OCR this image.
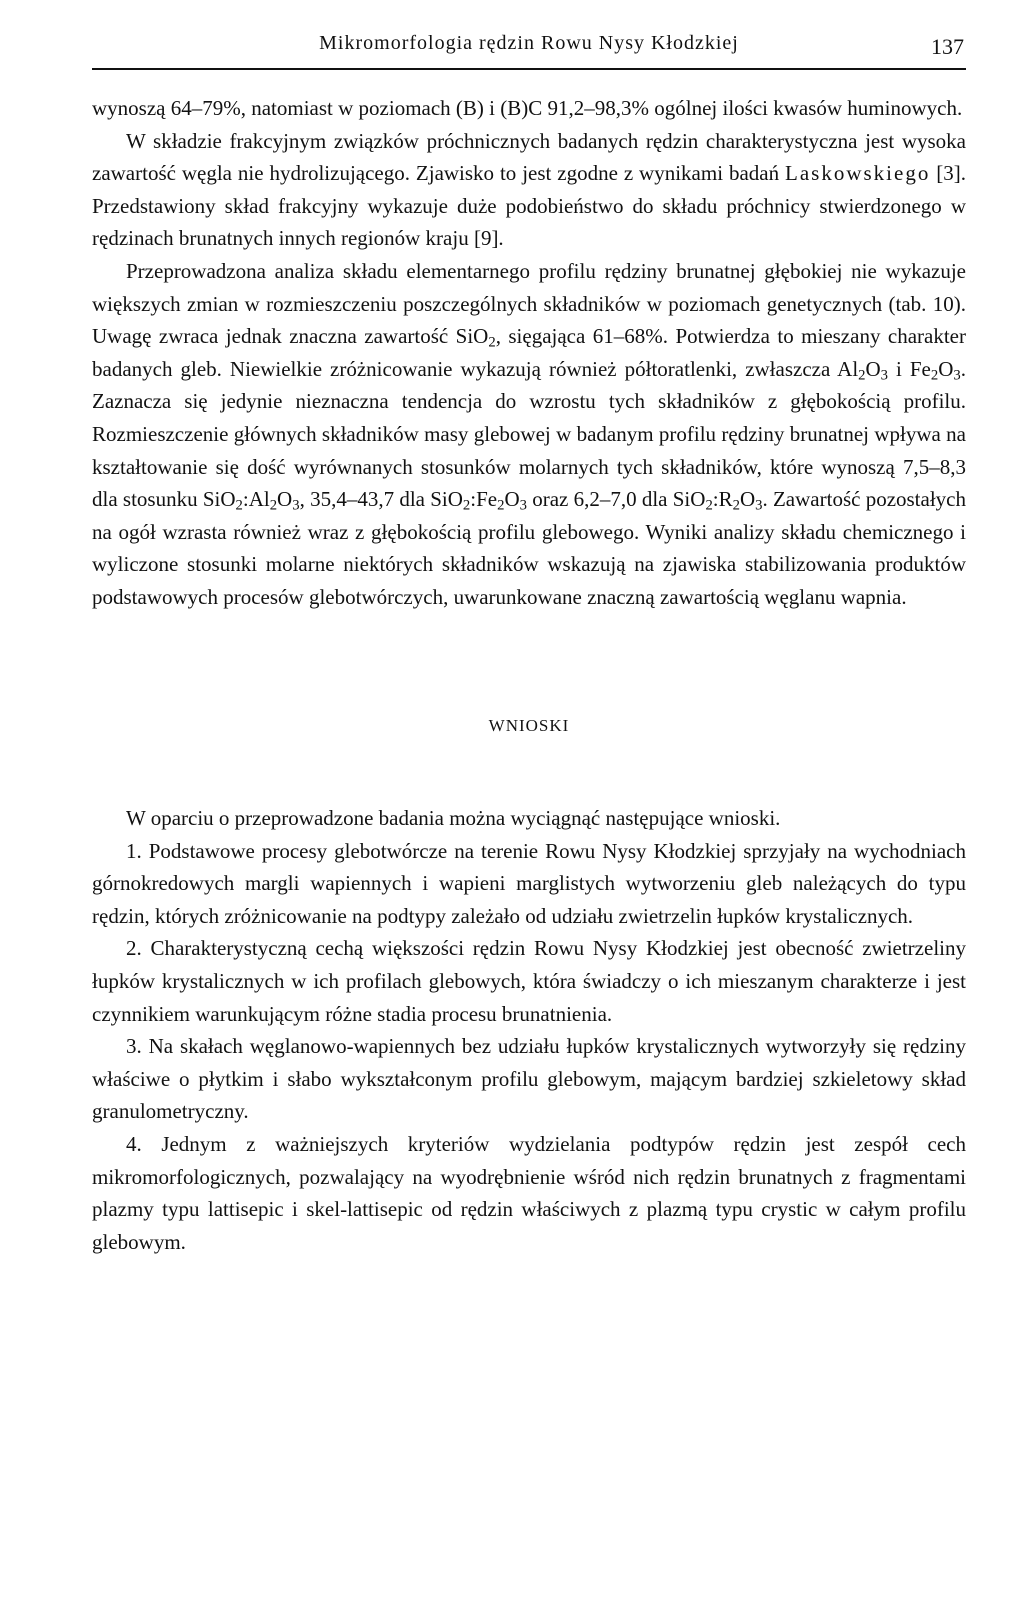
Mikromorfologia rędzin Rowu Nysy Kłodzkiej	137

wynoszą 64–79%, natomiast w poziomach (B) i (B)C 91,2–98,3% ogólnej ilości kwasów huminowych.

W składzie frakcyjnym związków próchnicznych badanych rędzin charakterystyczna jest wysoka zawartość węgla nie hydrolizującego. Zjawisko to jest zgodne z wynikami badań Laskowskiego [3]. Przedstawiony skład frakcyjny wykazuje duże podobieństwo do składu próchnicy stwierdzonego w rędzinach brunatnych innych regionów kraju [9].

Przeprowadzona analiza składu elementarnego profilu rędziny brunatnej głębokiej nie wykazuje większych zmian w rozmieszczeniu poszczególnych składników w poziomach genetycznych (tab. 10). Uwagę zwraca jednak znaczna zawartość SiO$_2$, sięgająca 61–68%. Potwierdza to mieszany charakter badanych gleb. Niewielkie zróżnicowanie wykazują również półtoratlenki, zwłaszcza $Al_2O_3$ i $Fe_2O_3$. Zaznacza się jedynie nieznaczna tendencja do wzrostu tych składników z głębokością profilu. Rozmieszczenie głównych składników masy glebowej w badanym profilu rędziny brunatnej wpływa na kształtowanie się dość wyrównanych stosunków molarnych tych składników, które wynoszą 7,5–8,3 dla stosunku $SiO_2:Al_2O_3$, 35,4–43,7 dla $SiO_2:Fe_2O_3$ oraz 6,2–7,0 dla $SiO_2:R_2O_3$. Zawartość pozostałych na ogół wzrasta również wraz z głębokością profilu glebowego. Wyniki analizy składu chemicznego i wyliczone stosunki molarne niektórych składników wskazują na zjawiska stabilizowania produktów podstawowych procesów glebotwórczych, uwarunkowane znaczną zawartością węglanu wapnia.

WNIOSKI

W oparciu o przeprowadzone badania można wyciągnąć następujące wnioski.

1. Podstawowe procesy glebotwórcze na terenie Rowu Nysy Kłodzkiej sprzyjały na wychodniach górnokredowych margli wapiennych i wapieni marglistych wytworzeniu gleb należących do typu rędzin, których zróżnicowanie na podtypy zależało od udziału zwietrzelin łupków krystalicznych.

2. Charakterystyczną cechą większości rędzin Rowu Nysy Kłodzkiej jest obecność zwietrzeliny łupków krystalicznych w ich profilach glebowych, która świadczy o ich mieszanym charakterze i jest czynnikiem warunkującym różne stadia procesu brunatnienia.

3. Na skałach węglanowo-wapiennych bez udziału łupków krystalicznych wytworzyły się rędziny właściwe o płytkim i słabo wykształconym profilu glebowym, mającym bardziej szkieletowy skład granulometryczny.

4. Jednym z ważniejszych kryteriów wydzielania podtypów rędzin jest zespół cech mikromorfologicznych, pozwalający na wyodrębnienie wśród nich rędzin brunatnych z fragmentami plazmy typu lattisepic i skel-lattisepic od rędzin właściwych z plazmą typu crystic w całym profilu glebowym.
